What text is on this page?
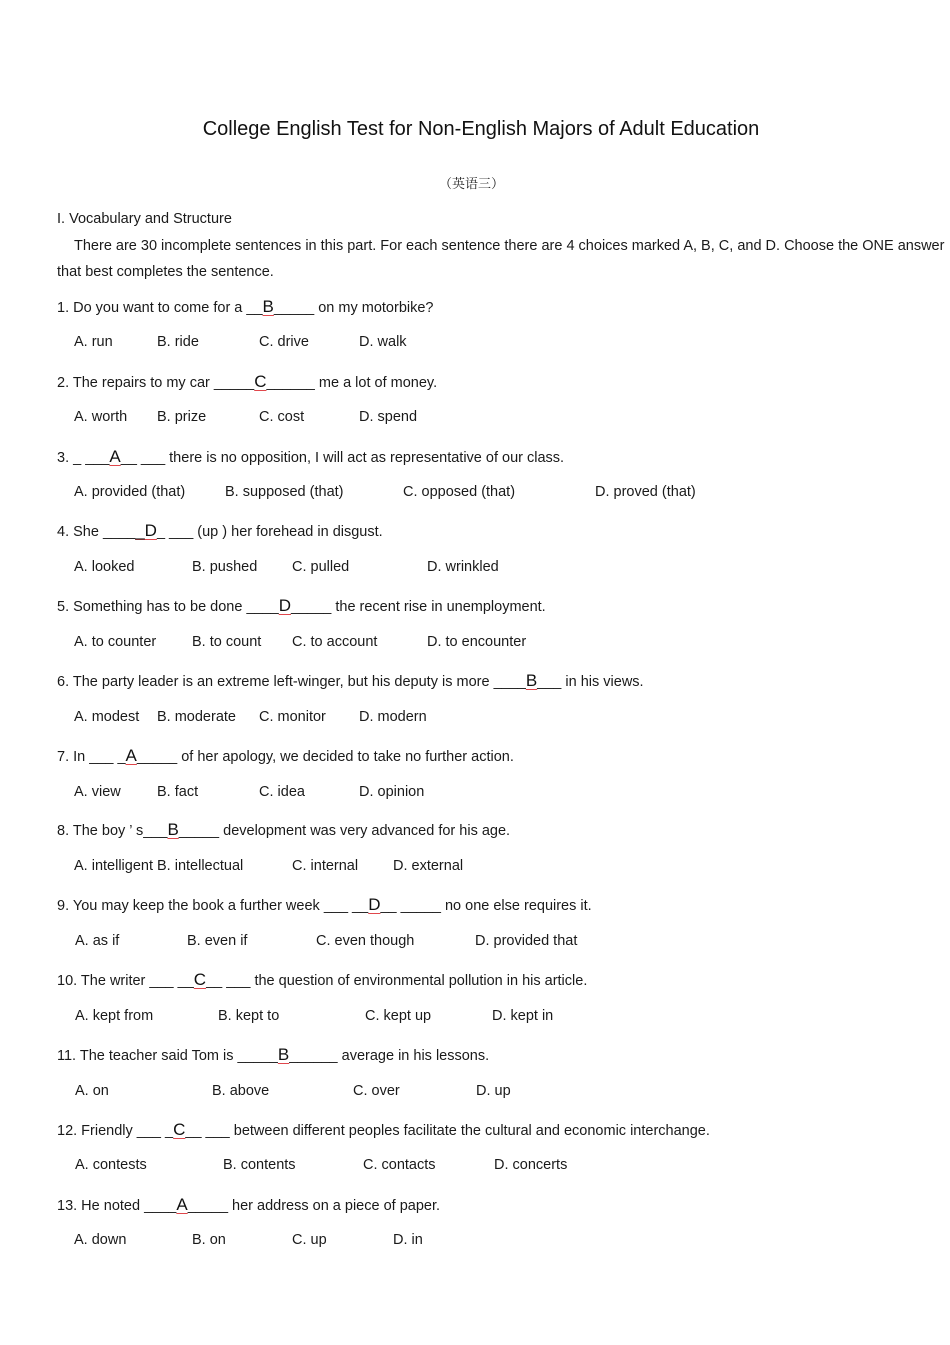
College English Test for Non-English Majors of Adult Education
（英语三）
I. Vocabulary and Structure
There are 30 incomplete sentences in this part. For each sentence there are 4 choices marked A, B, C, and D. Choose the ONE answer that best completes the sentence.
1. Do you want to come for a __B_____ on my motorbike?
2. The repairs to my car _____C______ me a lot of money.
3. _ ___A__ ___ there is no opposition, I will act as representative of our class.
4. She _____D_ ___ (up ) her forehead in disgust.
5. Something has to be done ____D_____ the recent rise in unemployment.
6. The party leader is an extreme left-winger, but his deputy is more ____B___ in his views.
7. In ___ _A_____ of her apology, we decided to take no further action.
8. The boy ’ s___B_____ development was very advanced for his age.
9. You may keep the book a further week ___ __D__ _____ no one else requires it.
10. The writer ___ __C__ ___ the question of environmental pollution in his article.
11. The teacher said Tom is _____B______ average in his lessons.
12. Friendly ___ _C__ ___ between different peoples facilitate the cultural and economic interchange.
13. He noted ____A_____ her address on a piece of paper.
A. run	B. ride	C. drive	D. walk
A. worth B. prize	C. cost	D. spend
A. provided (that)	B. supposed (that)	C. opposed (that)	D. proved (that)
A. looked	B. pushed C. pulled	D. wrinkled
A. to counter B. to count C. to account	D. to encounter
A. modest B. moderate C. monitor D. modern
A. view	B. fact	C. idea	D. opinion
A. intelligent B. intellectual	C. internal D. external
A. as if	B. even if	C. even though	D. provided that
A. kept from	B. kept to	C. kept up	D. kept in
A. on	B. above	C. over	D. up
A. contests	B. contents	C. contacts	D. concerts
A. down	B. on	C. up	D. in
